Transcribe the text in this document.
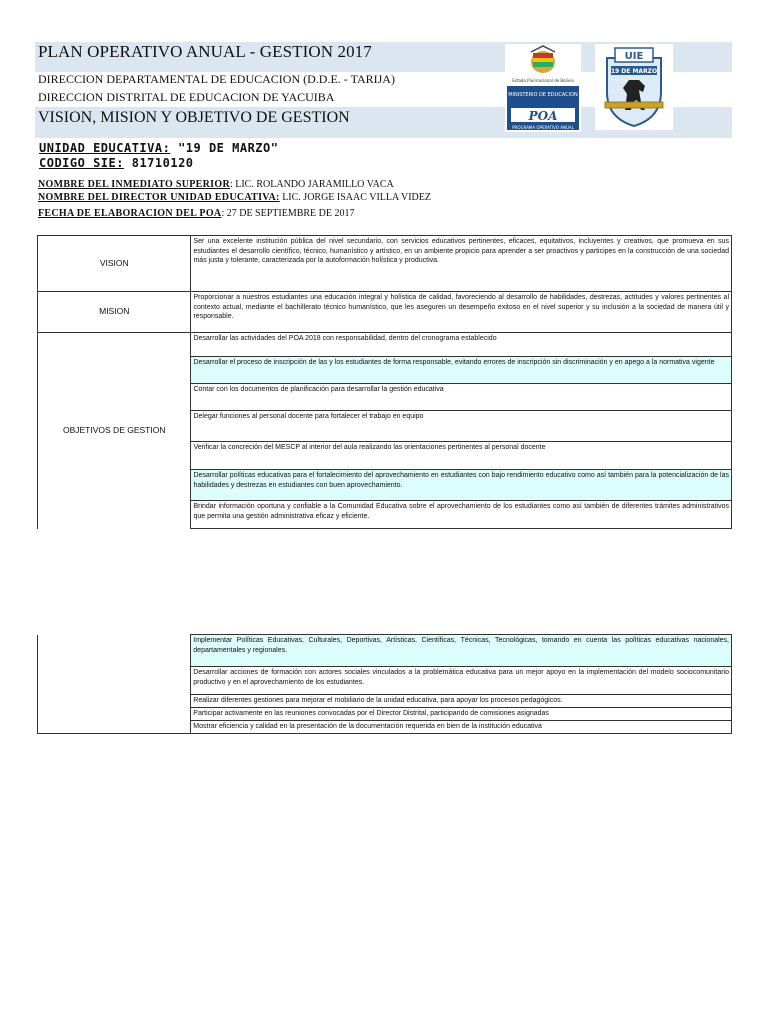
PLAN OPERATIVO ANUAL - GESTION 2017
DIRECCION DEPARTAMENTAL DE EDUCACION (D.D.E. - TARIJA)
DIRECCION DISTRITAL DE EDUCACION DE YACUIBA
VISION, MISION Y OBJETIVO DE GESTION
Estado Plurinacional de Bolivia
MINISTERIO DE EDUCACION
POA
PROGRAMA OPERATIVO ANUAL
UIE
19 DE MARZO
UNIDAD EDUCATIVA: "19 DE MARZO"
CODIGO SIE: 81710120
NOMBRE DEL INMEDIATO SUPERIOR: LIC. ROLANDO JARAMILLO VACA
NOMBRE DEL DIRECTOR UNIDAD EDUCATIVA: LIC. JORGE ISAAC VILLA VIDEZ
FECHA DE ELABORACION DEL POA: 27 DE SEPTIEMBRE DE 2017
VISION	Ser una excelente institución pública del nivel secundario, con servicios educativos pertinentes, eficaces, equitativos, incluyentes y creativos, que promueva en sus estudiantes el desarrollo científico, técnico, humanístico y artístico, en un ambiente propicio para aprender a ser proactivos y participes en la construcción de una sociedad más justa y tolerante, caracterizada por la autoformación holística y productiva.
MISION	Proporcionar a nuestros estudiantes una educación integral y holística de calidad, favoreciendo al desarrollo de habilidades, destrezas, actitudes y valores pertinentes al contexto actual, mediante el bachillerato técnico humanístico, que les aseguren un desempeño exitoso en el nivel superior y su inclusión a la sociedad de manera útil y responsable.
OBJETIVOS DE GESTION	Desarrollar las actividades del POA 2018 con responsabilidad, dentro del cronograma establecido
	Desarrollar el proceso de inscripción de las y los estudiantes de forma responsable, evitando errores de inscripción sin discriminación y en apego a la normativa vigente
	Contar con los documentos de planificación para desarrollar la gestión educativa
	Delegar funciones al personal docente para fortalecer el trabajo en equipo
	Verificar la concreción del MESCP al interior del aula realizando las orientaciones pertinentes al personal docente
	Desarrollar políticas educativas para el fortalecimiento del aprovechamiento en estudiantes con bajo rendimiento educativo como así también para la potencialización de las habilidades y destrezas en estudiantes con buen aprovechamiento.
	Brindar información oportuna y confiable a la Comunidad Educativa sobre el aprovechamiento de los estudiantes como así también de diferentes trámites administrativos que permita una gestión administrativa eficaz y eficiente.
	Implementar Políticas Educativas, Culturales, Deportivas, Artísticas, Científicas, Técnicas, Tecnológicas, tomando en cuenta las políticas educativas nacionales, departamentales y regionales.
Desarrollar acciones de formación con actores sociales vinculados a la problemática educativa para un mejor apoyo en la implementación del modelo sociocomunitario productivo y en el aprovechamiento de los estudiantes.
Realizar diferentes gestiones para mejorar el mobiliario de la unidad educativa, para apoyar los procesos pedagógicos.
Participar activamente en las reuniones convocadas por el Director Distrital, participando de comisiones asignadas
Mostrar eficiencia y calidad en la presentación de la documentación requerida en bien de la institución educativa
